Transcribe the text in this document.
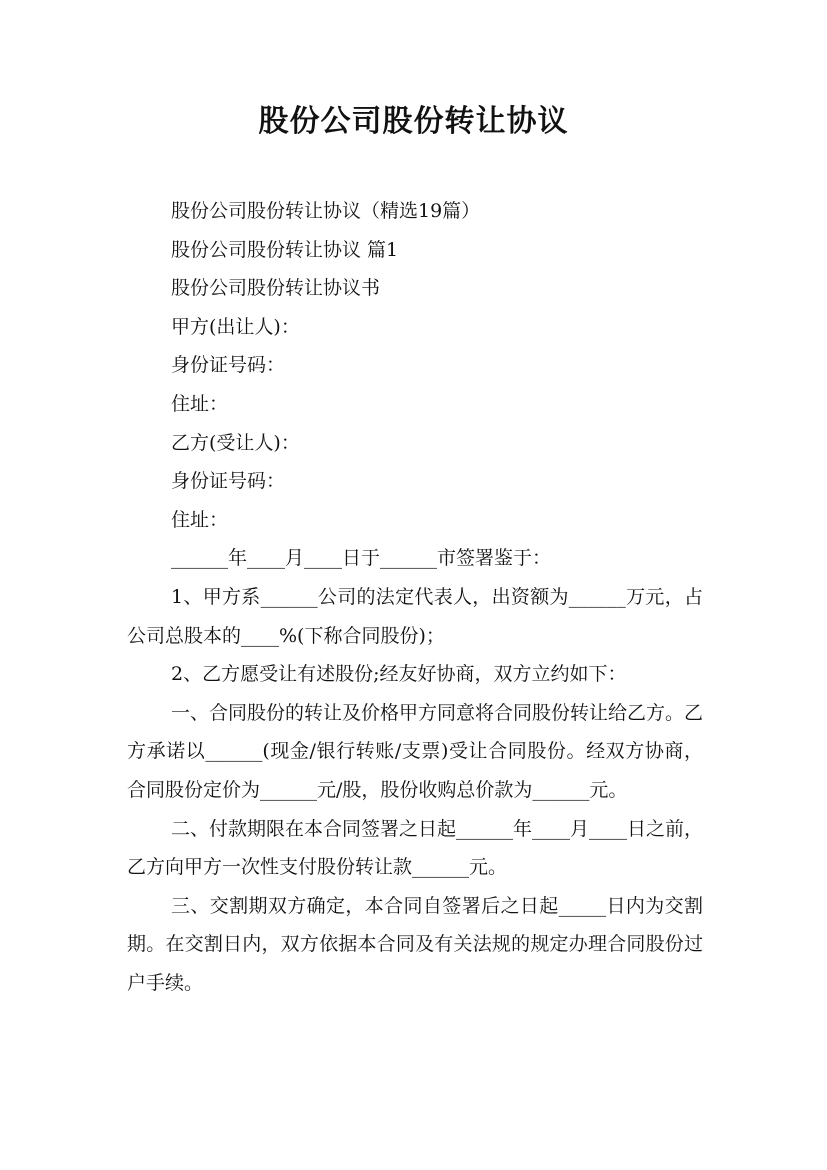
股份公司股份转让协议

股份公司股份转让协议（精选19篇）

股份公司股份转让协议 篇1

股份公司股份转让协议书

甲方(出让人)：

身份证号码：

住址：

乙方(受让人)：

身份证号码：

住址：

______年____月____日于______市签署鉴于：

1、甲方系______公司的法定代表人，出资额为______万元，占公司总股本的____%(下称合同股份)；

2、乙方愿受让有述股份;经友好协商，双方立约如下：

一、合同股份的转让及价格甲方同意将合同股份转让给乙方。乙方承诺以______(现金/银行转账/支票)受让合同股份。经双方协商，合同股份定价为______元/股，股份收购总价款为______元。

二、付款期限在本合同签署之日起______年____月____日之前，乙方向甲方一次性支付股份转让款______元。

三、交割期双方确定，本合同自签署后之日起_____日内为交割期。在交割日内，双方依据本合同及有关法规的规定办理合同股份过户手续。
